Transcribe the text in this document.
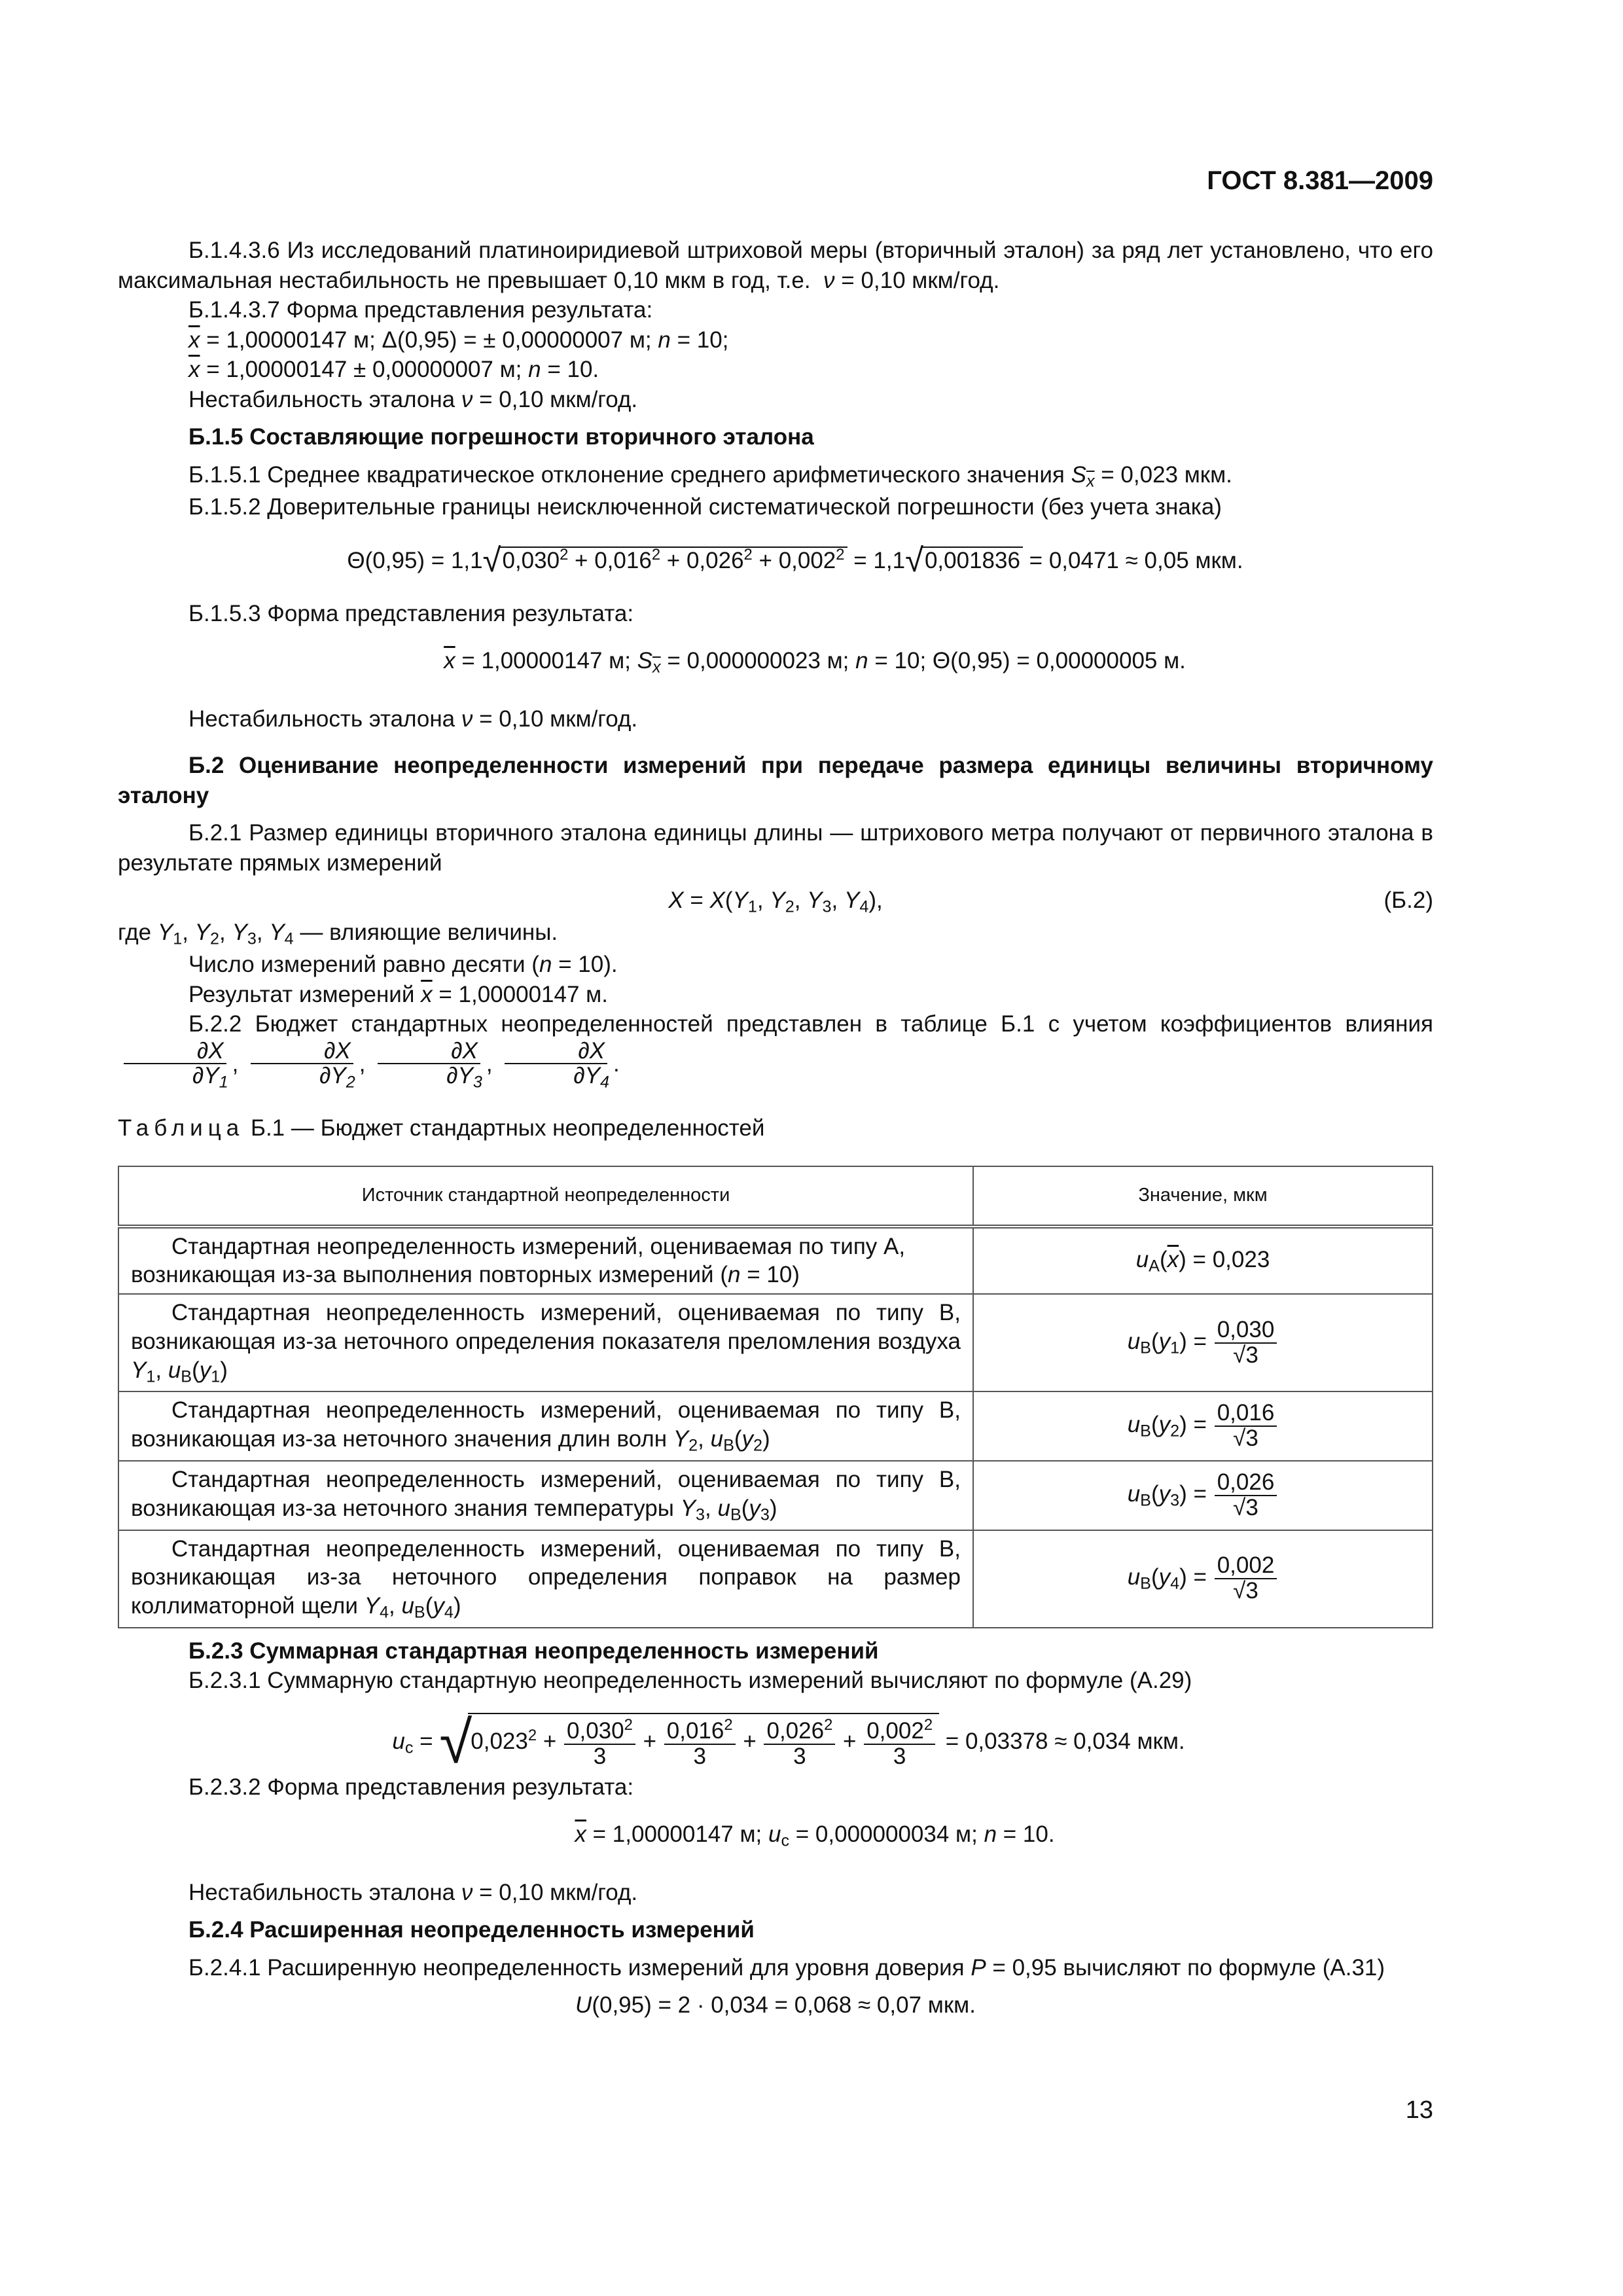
ГОСТ 8.381—2009

Б.1.4.3.6 Из исследований платиноиридиевой штриховой меры (вторичный эталон) за ряд лет установлено, что его максимальная нестабильность не превышает 0,10 мкм в год, т.е.  ν = 0,10 мкм/год.

Б.1.4.3.7 Форма представления результата:

$\overline{x} = 1,00000147$ м; Δ(0,95) = ± 0,00000007 м; n = 10;

$\overline{x} = 1,00000147 \pm 0,00000007$ м; n = 10.

Нестабильность эталона ν = 0,10 мкм/год.

Б.1.5 Составляющие погрешности вторичного эталона

Б.1.5.1 Среднее квадратическое отклонение среднего арифметического значения $S_{\overline{x}} = 0,023$ мкм.

Б.1.5.2 Доверительные границы неисключенной систематической погрешности (без учета знака)

$\Theta(0,95) = 1,1√0,030^2 + 0,016^2 + 0,026^2 + 0,002^2 = 1,1√0,001836 = 0,0471 \approx 0,05$ мкм.

Б.1.5.3 Форма представления результата:

$\overline{x} = 1,00000147$ м; $S_{\overline{x}} = 0,000000023$ м; n = 10; Θ(0,95) = 0,00000005 м.

Нестабильность эталона ν = 0,10 мкм/год.

Б.2 Оценивание неопределенности измерений при передаче размера единицы величины вторичному эталону

Б.2.1 Размер единицы вторичного эталона единицы длины — штрихового метра получают от первичного эталона в результате прямых измерений

$X = X(Y_1$, $Y_2$, $Y_3$, $Y_4$),	(Б.2)

где $Y_1$, $Y_2$, $Y_3$, $Y_4$ — влияющие величины.

Число измерений равно десяти (n = 10).

Результат измерений $\overline{x} = 1,00000147$ м.

Б.2.2 Бюджет стандартных неопределенностей представлен в таблице Б.1 с учетом коэффициентов влияния
$\frac{\partial X}{\partial Y_1}$ , $\frac{\partial X}{\partial Y_2}$ , $\frac{\partial X}{\partial Y_3}$ , $\frac{\partial X}{\partial Y_4}$ .

Таблица Б.1 — Бюджет стандартных неопределенностей

Источник стандартной неопределенности	Значение, мкм

Стандартная неопределенность измерений, оцениваемая по типу А,
возникающая из-за выполнения повторных измерений (n = 10)	$u_A(\overline{x}) = 0,023$

Стандартная неопределенность измерений, оцениваемая по типу В, возникающая из-за неточного определения показателя преломления воздуха $Y_1$, $u_B(y_1)$	$u_B(y_1) = \frac{0,030}{√3}$

Стандартная неопределенность измерений, оцениваемая по типу В, возникающая из-за неточного значения длин волн $Y_2$, $u_B(y_2)$	$u_B(y_2) = \frac{0,016}{√3}$

Стандартная неопределенность измерений, оцениваемая по типу В, возникающая из-за неточного знания температуры $Y_3$, $u_B(y_3)$	$u_B(y_3) = \frac{0,026}{√3}$

Стандартная неопределенность измерений, оцениваемая по типу В, возникающая из-за неточного определения поправок на размер коллиматорной щели $Y_4$, $u_B(y_4)$	$u_B(y_4) = \frac{0,002}{√3}$

Б.2.3 Суммарная стандартная неопределенность измерений

Б.2.3.1 Суммарную стандартную неопределенность измерений вычисляют по формуле (А.29)

$u_c = √0,023^2 + \frac{0,030^2}{3} + \frac{0,016^2}{3} + \frac{0,026^2}{3} + \frac{0,002^2}{3} = 0,03378 \approx 0,034$ мкм.

Б.2.3.2 Форма представления результата:

$\overline{x} = 1,00000147$ м; $u_c = 0,000000034$ м; n = 10.

Нестабильность эталона ν = 0,10 мкм/год.

Б.2.4 Расширенная неопределенность измерений

Б.2.4.1 Расширенную неопределенность измерений для уровня доверия P = 0,95 вычисляют по формуле (А.31)

U(0,95) = 2 · 0,034 = 0,068 ≈ 0,07 мкм.

13
